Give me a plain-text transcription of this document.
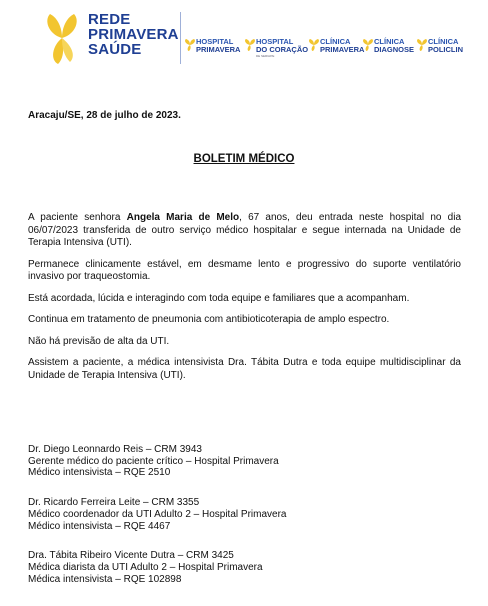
REDE
PRIMAVERA
SAÚDE	HOSPITAL
PRIMAVERA
HOSPITAL
DO CORAÇÃO
DE SERGIPE
CLÍNICA
PRIMAVERA
CLÍNICA
DIAGNOSE
CLÍNICA
POLICLIN
Aracaju/SE, 28 de julho de 2023.
BOLETIM MÉDICO

A paciente senhora Angela Maria de Melo, 67 anos, deu entrada neste hospital no dia 06/07/2023 transferida de outro serviço médico hospitalar e segue internada na Unidade de Terapia Intensiva (UTI).

Permanece clinicamente estável, em desmame lento e progressivo do suporte ventilatório invasivo por traqueostomia.

Está acordada, lúcida e interagindo com toda equipe e familiares que a acompanham.

Continua em tratamento de pneumonia com antibioticoterapia de amplo espectro.

Não há previsão de alta da UTI.

Assistem a paciente, a médica intensivista Dra. Tábita Dutra e toda equipe multidisciplinar da Unidade de Terapia Intensiva (UTI).

Dr. Diego Leonnardo Reis – CRM 3943
Gerente médico do paciente crítico – Hospital Primavera
Médico intensivista – RQE 2510
Dr. Ricardo Ferreira Leite – CRM 3355
Médico coordenador da UTI Adulto 2 – Hospital Primavera
Médico intensivista – RQE 4467
Dra. Tábita Ribeiro Vicente Dutra – CRM 3425
Médica diarista da UTI Adulto 2 – Hospital Primavera
Médica intensivista – RQE 102898
